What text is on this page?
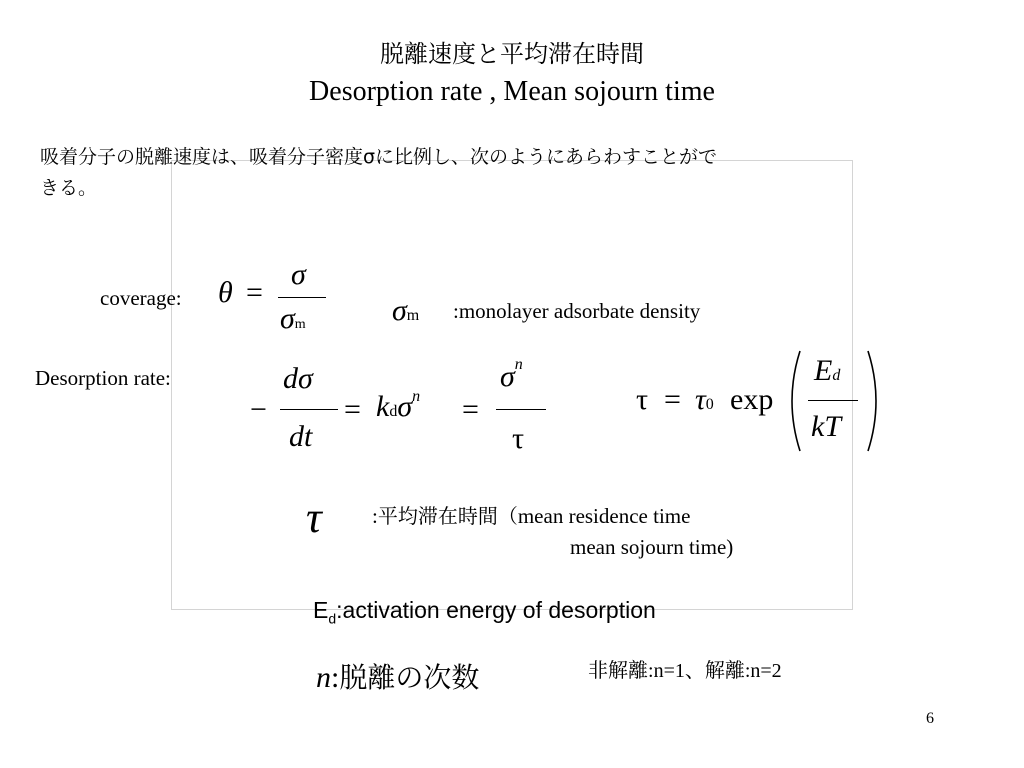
脱離速度と平均滞在時間
Desorption rate , Mean sojourn time
吸着分子の脱離速度は、吸着分子密度σに比例し、次のようにあらわすことがで
きる。
coverage: θ =
σ
σm	σm :monolayer adsorbate density
Desorption rate:
−
dσ
dt
= kdσ$^n$ =
$\sigma^n$
τ
τ = τ0 exp
Ed
kT
τ :平均滞在時間（mean residence time
mean sojourn time)
$E_d:activation$ energy of desorption
n:脱離の次数	非解離:n=1、解離:n=2
6
